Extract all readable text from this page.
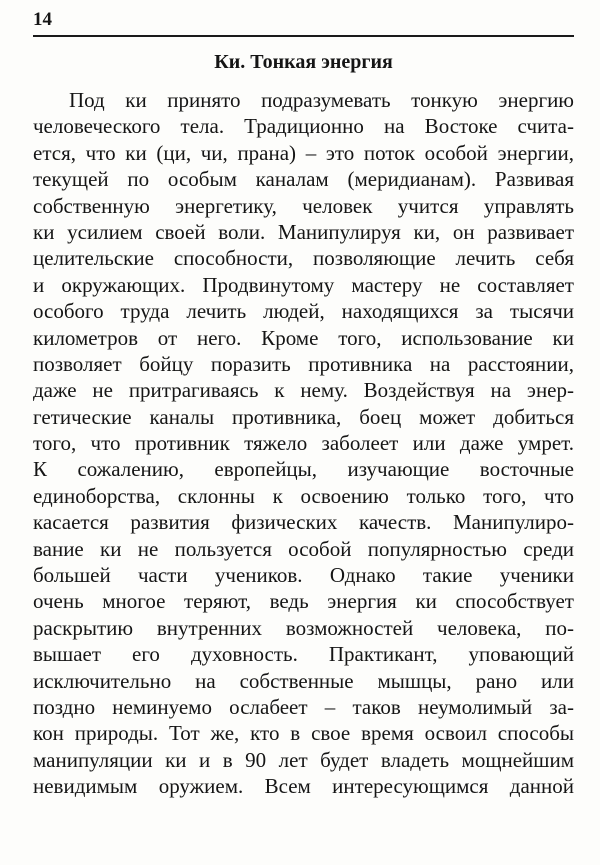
14
Ки. Тонкая энергия
Под ки принято подразумевать тонкую энергию
человеческого тела. Традиционно на Востоке счита-
ется, что ки (ци, чи, прана) – это поток особой энергии,
текущей по особым каналам (меридианам). Развивая
собственную энергетику, человек учится управлять
ки усилием своей воли. Манипулируя ки, он развивает
целительские способности, позволяющие лечить себя
и окружающих. Продвинутому мастеру не составляет
особого труда лечить людей, находящихся за тысячи
километров от него. Кроме того, использование ки
позволяет бойцу поразить противника на расстоянии,
даже не притрагиваясь к нему. Воздействуя на энер-
гетические каналы противника, боец может добиться
того, что противник тяжело заболеет или даже умрет.
К сожалению, европейцы, изучающие восточные
единоборства, склонны к освоению только того, что
касается развития физических качеств. Манипулиро-
вание ки не пользуется особой популярностью среди
большей части учеников. Однако такие ученики
очень многое теряют, ведь энергия ки способствует
раскрытию внутренних возможностей человека, по-
вышает его духовность. Практикант, уповающий
исключительно на собственные мышцы, рано или
поздно неминуемо ослабеет – таков неумолимый за-
кон природы. Тот же, кто в свое время освоил способы
манипуляции ки и в 90 лет будет владеть мощнейшим
невидимым оружием. Всем интересующимся данной
